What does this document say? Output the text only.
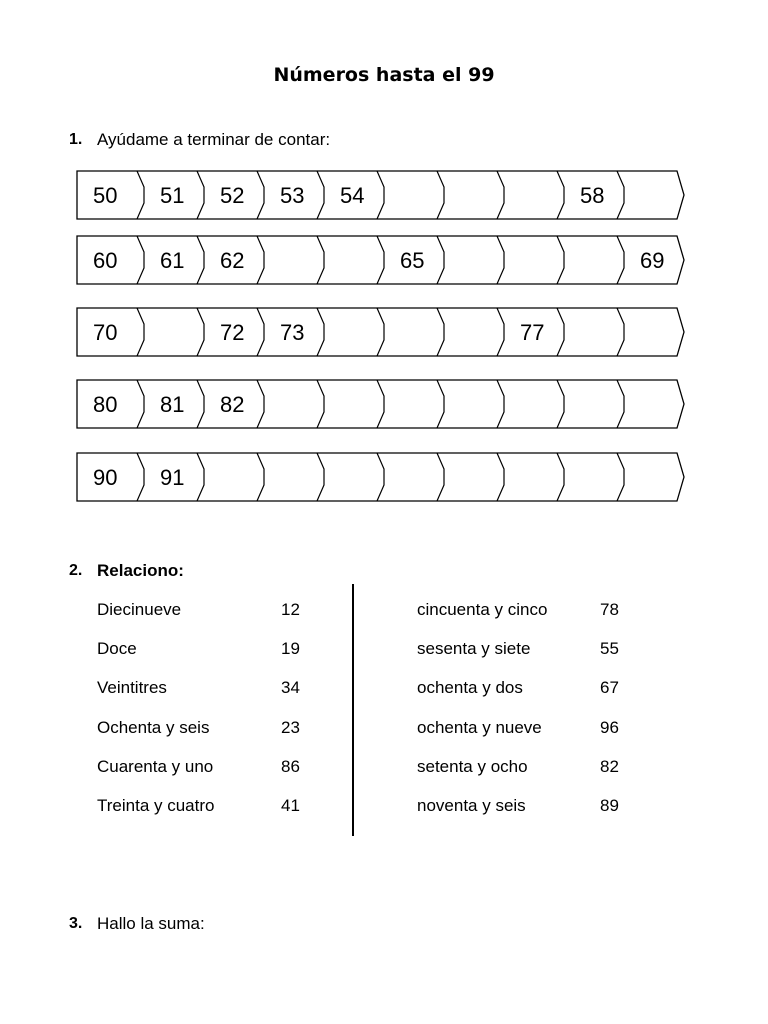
Números hasta el 99
1. Ayúdame a terminar de contar:
50 51 52 53 54	58
60 61 62	65	69
70	72 73	77
80 81 82
90 91
2. Relaciono:
Diecinueve	12
Doce	19
Veintitres	34
Ochenta y seis	23
Cuarenta y uno	86
Treinta y cuatro	41
cincuenta y cinco	78
sesenta y siete	55
ochenta y dos	67
ochenta y nueve	96
setenta y ocho	82
noventa y seis	89
3. Hallo la suma:
